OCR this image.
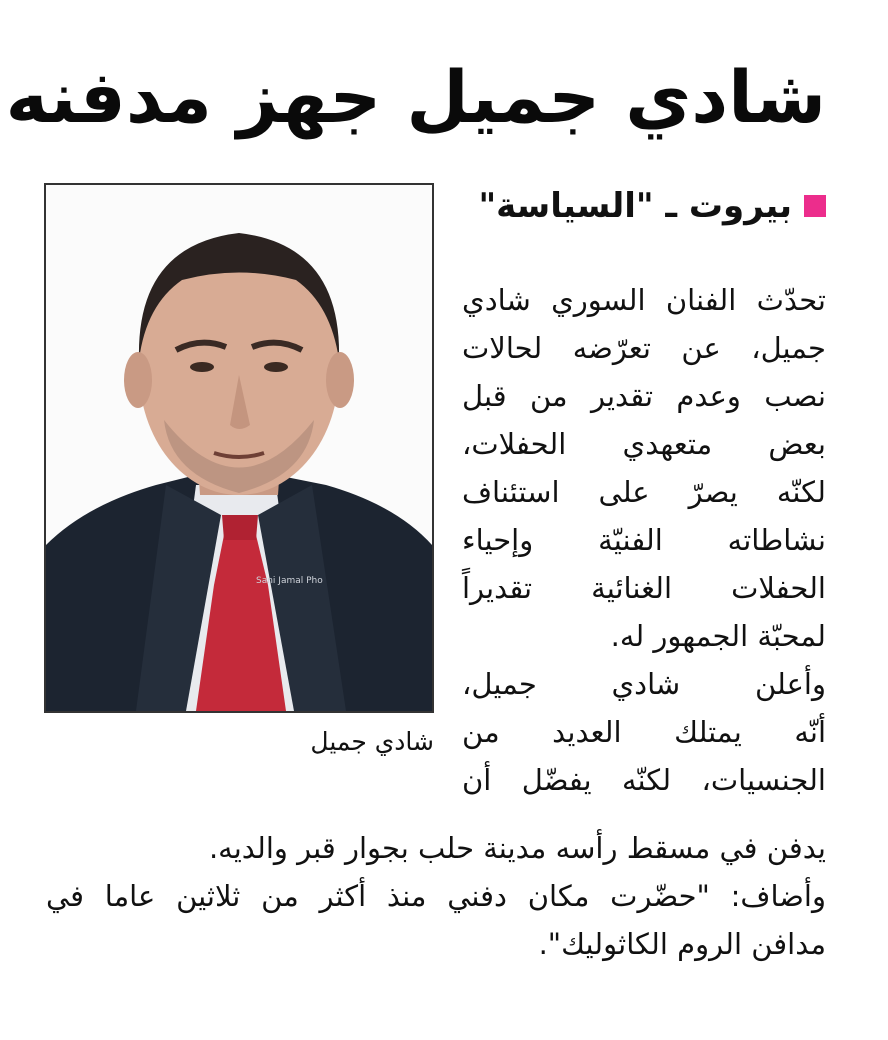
شادي جميل جهز مدفنه
بيروت ـ "السياسة"
Sani Jamal Pho
شادي جميل
تحدّث الفنان السوري شادي
جميل، عن تعرّضه لحالات
نصب وعدم تقدير من قبل
بعض متعهدي الحفلات،
لكنّه يصرّ على استئناف
نشاطاته الفنيّة وإحياء
الحفلات الغنائية تقديراً
لمحبّة الجمهور له.
وأعلن شادي جميل،
أنّه يمتلك العديد من
الجنسيات، لكنّه يفضّل أن
يدفن في مسقط رأسه مدينة حلب بجوار قبر والديه.
وأضاف: "حضّرت مكان دفني منذ أكثر من ثلاثين عاما في
مدافن الروم الكاثوليك".
